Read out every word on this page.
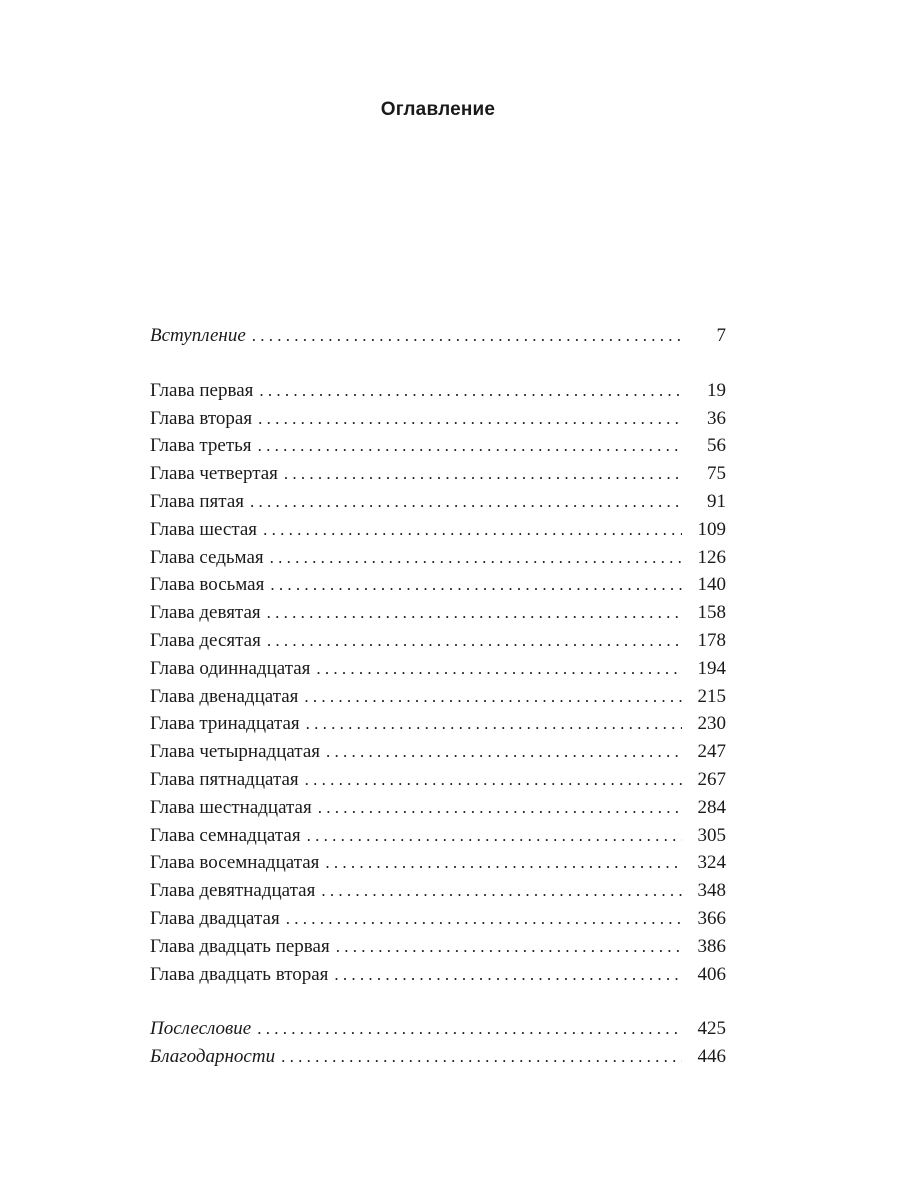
Оглавление
Вступление . . .	7
Глава первая . . .	19
Глава вторая . . .	36
Глава третья . . .	56
Глава четвертая . . .	75
Глава пятая . . .	91
Глава шестая . . .	109
Глава седьмая . . .	126
Глава восьмая . . .	140
Глава девятая . . .	158
Глава десятая . . .	178
Глава одиннадцатая . . .	194
Глава двенадцатая . . .	215
Глава тринадцатая . . .	230
Глава четырнадцатая . . .	247
Глава пятнадцатая . . .	267
Глава шестнадцатая . . .	284
Глава семнадцатая . . .	305
Глава восемнадцатая . . .	324
Глава девятнадцатая . . .	348
Глава двадцатая . . .	366
Глава двадцать первая . . .	386
Глава двадцать вторая . . .	406
Послесловие . . .	425
Благодарности . . .	446
